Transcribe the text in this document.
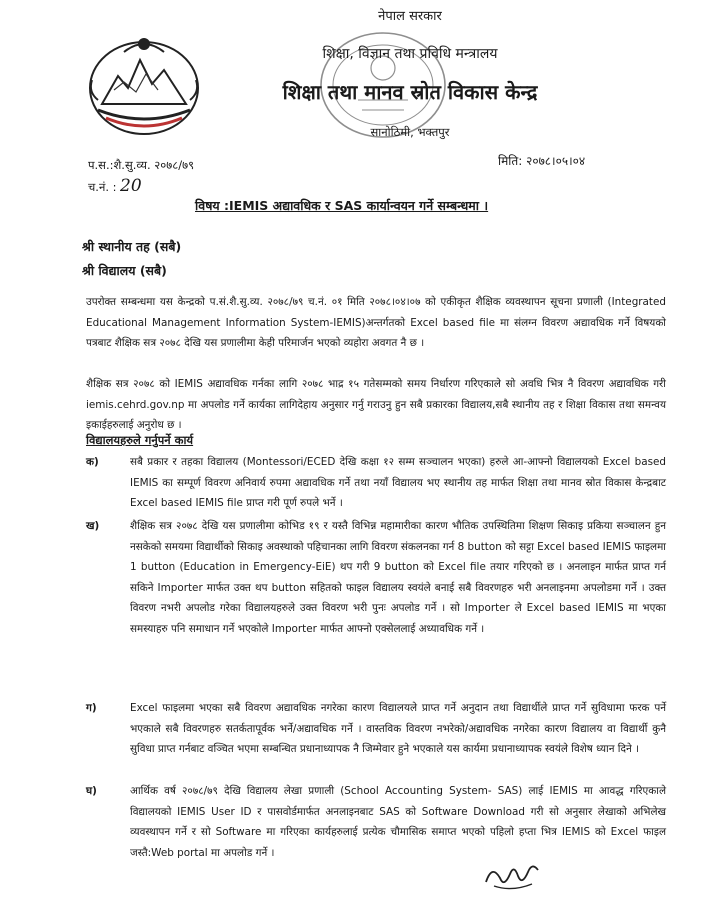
नेपाल सरकार
शिक्षा, विज्ञान तथा प्रविधि मन्त्रालय
शिक्षा तथा मानव स्रोत विकास केन्द्र
सानोठिमी, भक्तपुर
प.स.:शै.सु.व्य. २०७८/७९
च.नं. : 20
मिति: २०७८।०५।०४
विषय :IEMIS अद्यावधिक र SAS कार्यान्वयन गर्ने सम्बन्धमा ।
श्री स्थानीय तह (सबै)
श्री विद्यालय (सबै)
उपरोक्त सम्बन्धमा यस केन्द्रको प.सं.शै.सु.व्य. २०७८/७९ च.नं. ०१ मिति २०७८।०४।०७ को एकीकृत शैक्षिक व्यवस्थापन सूचना प्रणाली (Integrated Educational Management Information System-IEMIS)अन्तर्गतको Excel based file मा संलग्न विवरण अद्यावधिक गर्ने विषयको पत्रबाट शैक्षिक सत्र २०७८ देखि यस प्रणालीमा केही परिमार्जन भएको व्यहोरा अवगत नै छ ।
शैक्षिक सत्र २०७८ को IEMIS अद्यावधिक गर्नका लागि २०७८ भाद्र १५ गतेसम्मको समय निर्धारण गरिएकाले सो अवधि भित्र नै विवरण अद्यावधिक गरी iemis.cehrd.gov.np मा अपलोड गर्ने कार्यका लागिदेहाय अनुसार गर्नु गराउनु हुन सबै प्रकारका विद्यालय,सबै स्थानीय तह र शिक्षा विकास तथा समन्वय इकाईहरुलाई अनुरोध छ ।
विद्यालयहरुले गर्नुपर्ने कार्य
क)	सबै प्रकार र तहका विद्यालय (Montessori/ECED देखि कक्षा १२ सम्म सञ्चालन भएका) हरुले आ-आफ्नो विद्यालयको Excel based IEMIS का सम्पूर्ण विवरण अनिवार्य रुपमा अद्यावधिक गर्ने तथा नयाँ विद्यालय भए स्थानीय तह मार्फत शिक्षा तथा मानव स्रोत विकास केन्द्रबाट Excel based IEMIS file प्राप्त गरी पूर्ण रुपले भर्ने ।
ख)	शैक्षिक सत्र २०७८ देखि यस प्रणालीमा कोभिड १९ र यस्तै विभिन्न महामारीका कारण भौतिक उपस्थितिमा शिक्षण सिकाइ प्रकिया सञ्चालन हुन नसकेको समयमा विद्यार्थीको सिकाइ अवस्थाको पहिचानका लागि विवरण संकलनका गर्न 8 button को सट्टा Excel based IEMIS फाइलमा 1 button (Education in Emergency-EiE) थप गरी 9 button को Excel file तयार गरिएको छ । अनलाइन मार्फत प्राप्त गर्न सकिने Importer मार्फत उक्त थप button सहितको फाइल विद्यालय स्वयंले बनाई सबै विवरणहरु भरी अनलाइनमा अपलोडमा गर्ने । उक्त विवरण नभरी अपलोड गरेका विद्यालयहरुले उक्त विवरण भरी पुनः अपलोड गर्ने । सो Importer ले Excel based IEMIS मा भएका समस्याहरु पनि समाधान गर्ने भएकोले Importer मार्फत आफ्नो एक्सेललाई अध्यावधिक गर्ने ।
ग)	Excel फाइलमा भएका सबै विवरण अद्यावधिक नगरेका कारण विद्यालयले प्राप्त गर्ने अनुदान तथा विद्यार्थीले प्राप्त गर्ने सुविधामा फरक पर्ने भएकाले सबै विवरणहरु सतर्कतापूर्वक भर्ने/अद्यावधिक गर्ने । वास्तविक विवरण नभरेको/अद्यावधिक नगरेका कारण विद्यालय वा विद्यार्थी कुनै सुविधा प्राप्त गर्नबाट वञ्चित भएमा सम्बन्धित प्रधानाध्यापक नै जिम्मेवार हुने भएकाले यस कार्यमा प्रधानाध्यापक स्वयंले विशेष ध्यान दिने ।
घ)	आर्थिक वर्ष २०७८/७९ देखि विद्यालय लेखा प्रणाली (School Accounting System- SAS) लाई IEMIS मा आवद्ध गरिएकाले विद्यालयको IEMIS User ID र पासवोर्डमार्फत अनलाइनबाट SAS को Software Download गरी सो अनुसार लेखाको अभिलेख व्यवस्थापन गर्ने र सो Software मा गरिएका कार्यहरुलाई प्रत्येक चौमासिक समाप्त भएको पहिलो हप्ता भित्र IEMIS को Excel फाइल जस्तै:Web portal मा अपलोड गर्ने ।
